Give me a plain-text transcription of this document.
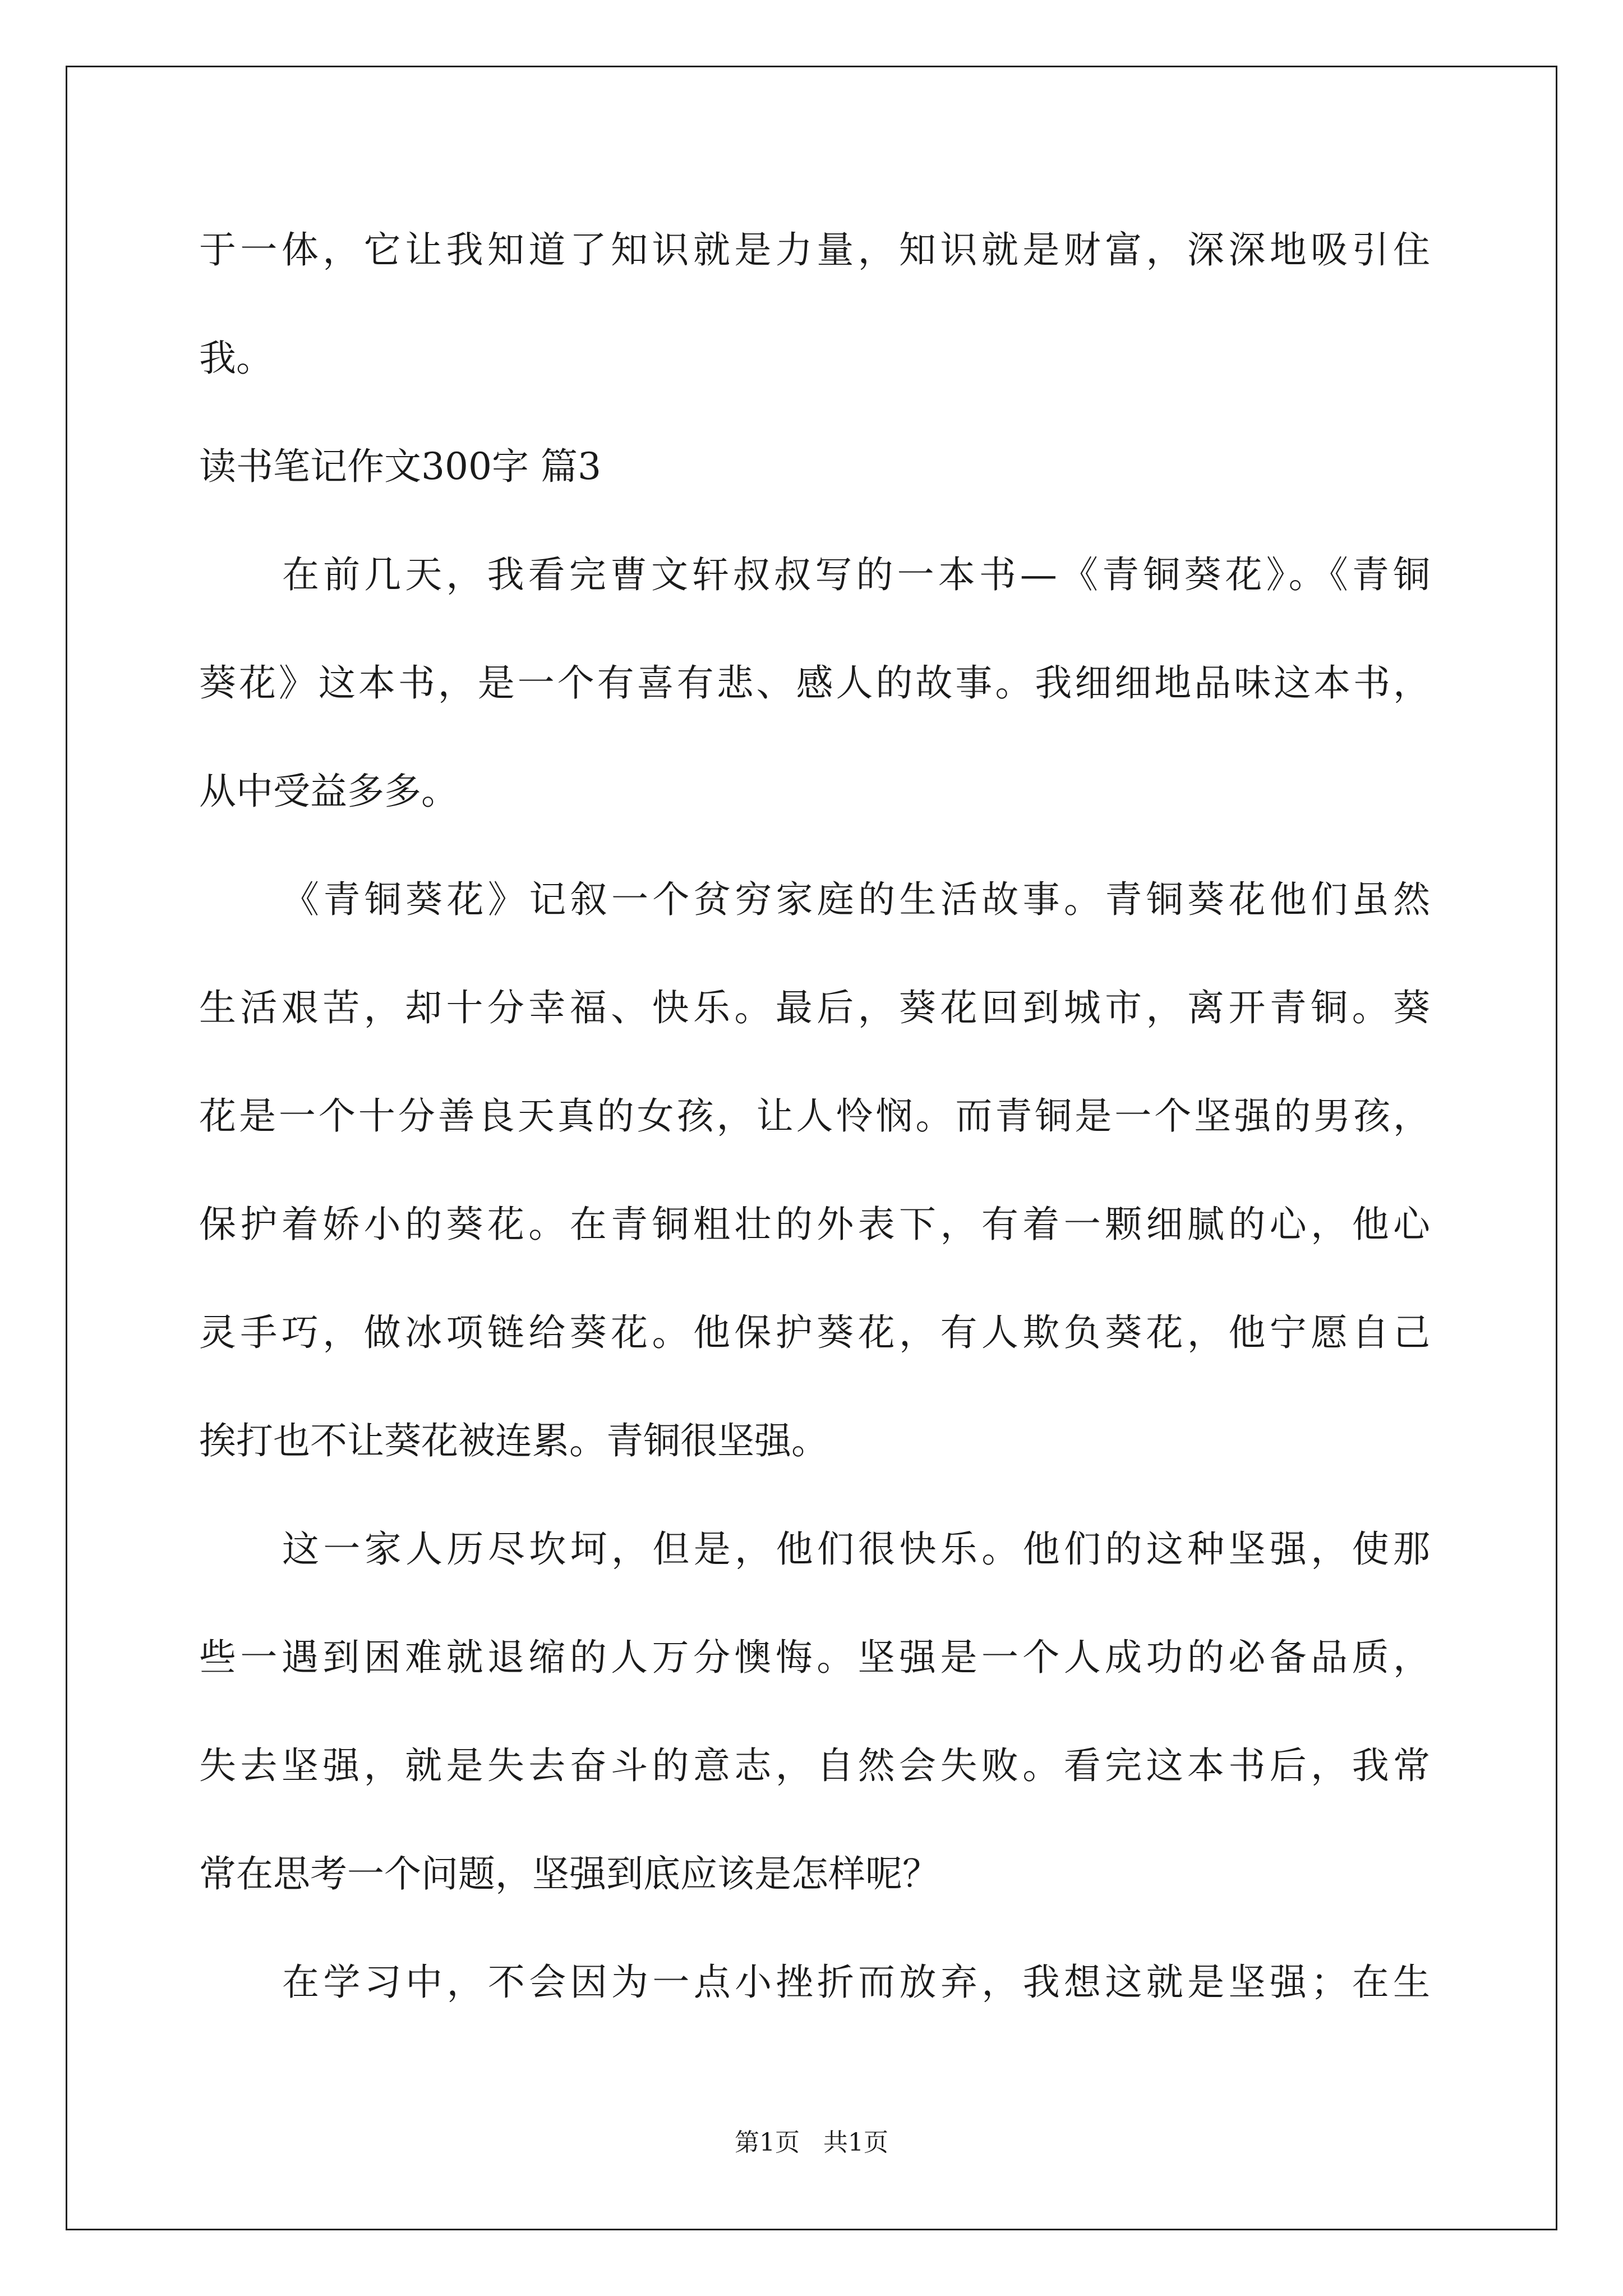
于一体，它让我知道了知识就是力量，知识就是财富，深深地吸引住
我。
读书笔记作文300字 篇3
在前几天，我看完曹文轩叔叔写的一本书—《青铜葵花》。《青铜
葵花》这本书，是一个有喜有悲、感人的故事。我细细地品味这本书，
从中受益多多。
《青铜葵花》记叙一个贫穷家庭的生活故事。青铜葵花他们虽然
生活艰苦，却十分幸福、快乐。最后，葵花回到城市，离开青铜。葵
花是一个十分善良天真的女孩，让人怜悯。而青铜是一个坚强的男孩，
保护着娇小的葵花。在青铜粗壮的外表下，有着一颗细腻的心，他心
灵手巧，做冰项链给葵花。他保护葵花，有人欺负葵花，他宁愿自己
挨打也不让葵花被连累。青铜很坚强。
这一家人历尽坎坷，但是，他们很快乐。他们的这种坚强，使那
些一遇到困难就退缩的人万分懊悔。坚强是一个人成功的必备品质，
失去坚强，就是失去奋斗的意志，自然会失败。看完这本书后，我常
常在思考一个问题，坚强到底应该是怎样呢？
在学习中，不会因为一点小挫折而放弃，我想这就是坚强；在生
第1页   共1页
